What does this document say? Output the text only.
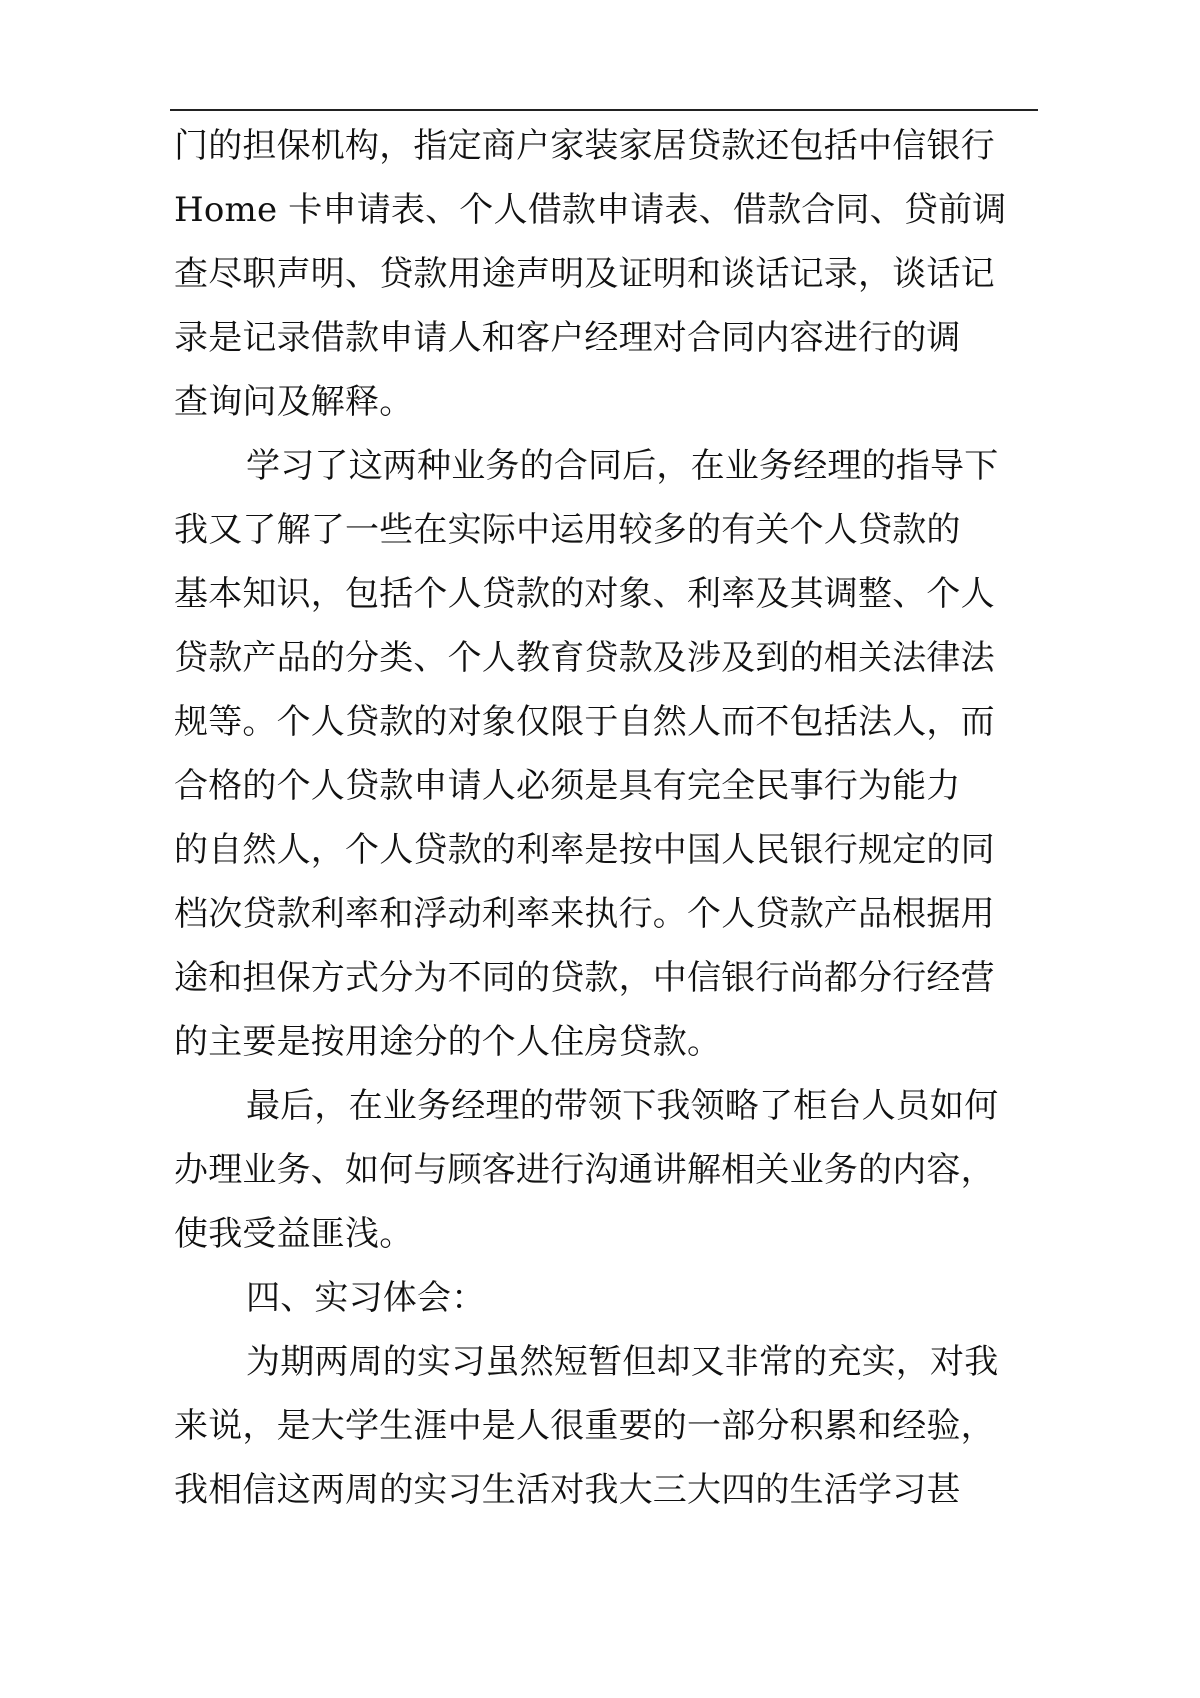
门的担保机构，指定商户家装家居贷款还包括中信银行
Home 卡申请表、个人借款申请表、借款合同、贷前调
查尽职声明、贷款用途声明及证明和谈话记录，谈话记
录是记录借款申请人和客户经理对合同内容进行的调
查询问及解释。
学习了这两种业务的合同后，在业务经理的指导下
我又了解了一些在实际中运用较多的有关个人贷款的
基本知识，包括个人贷款的对象、利率及其调整、个人
贷款产品的分类、个人教育贷款及涉及到的相关法律法
规等。个人贷款的对象仅限于自然人而不包括法人，而
合格的个人贷款申请人必须是具有完全民事行为能力
的自然人，个人贷款的利率是按中国人民银行规定的同
档次贷款利率和浮动利率来执行。个人贷款产品根据用
途和担保方式分为不同的贷款，中信银行尚都分行经营
的主要是按用途分的个人住房贷款。
最后，在业务经理的带领下我领略了柜台人员如何
办理业务、如何与顾客进行沟通讲解相关业务的内容，
使我受益匪浅。
四、实习体会：
为期两周的实习虽然短暂但却又非常的充实，对我
来说，是大学生涯中是人很重要的一部分积累和经验，
我相信这两周的实习生活对我大三大四的生活学习甚
